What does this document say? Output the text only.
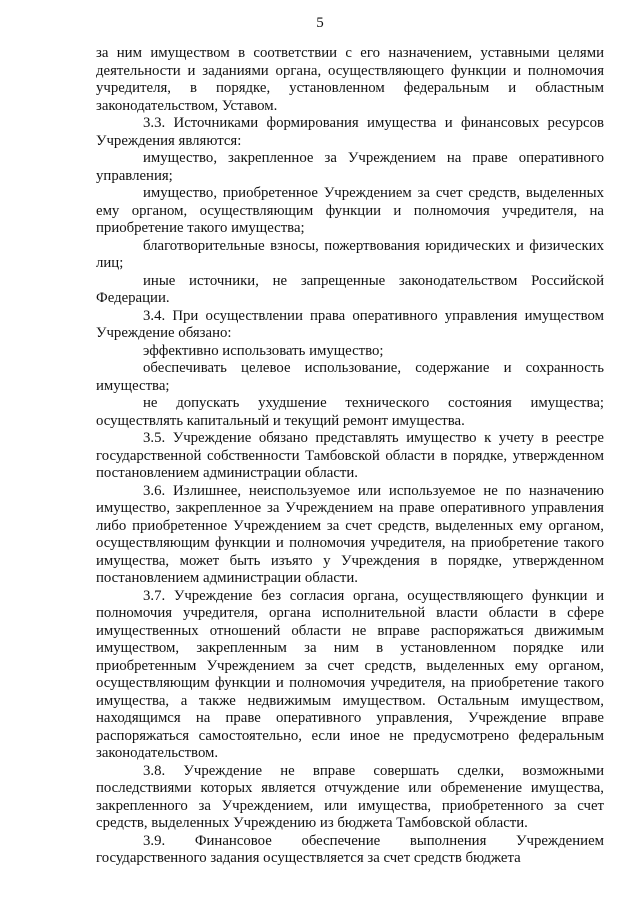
5

за ним имуществом в соответствии с его назначением, уставными целями деятельности и заданиями органа, осуществляющего функции и полномочия учредителя, в порядке, установленном федеральным и областным законодательством, Уставом.

3.3. Источниками формирования имущества и финансовых ресурсов Учреждения являются:

имущество, закрепленное за Учреждением на праве оперативного управления;

имущество, приобретенное Учреждением за счет средств, выделенных ему органом, осуществляющим функции и полномочия учредителя, на приобретение такого имущества;

благотворительные взносы, пожертвования юридических и физических лиц;

иные источники, не запрещенные законодательством Российской Федерации.

3.4. При осуществлении права оперативного управления имуществом Учреждение обязано:

эффективно использовать имущество;

обеспечивать целевое использование, содержание и сохранность имущества;

не допускать ухудшение технического состояния имущества; осуществлять капитальный и текущий ремонт имущества.

3.5. Учреждение обязано представлять имущество к учету в реестре государственной собственности Тамбовской области в порядке, утвержденном постановлением администрации области.

3.6. Излишнее, неиспользуемое или используемое не по назначению имущество, закрепленное за Учреждением на праве оперативного управления либо приобретенное Учреждением за счет средств, выделенных ему органом, осуществляющим функции и полномочия учредителя, на приобретение такого имущества, может быть изъято у Учреждения в порядке, утвержденном постановлением администрации области.

3.7. Учреждение без согласия органа, осуществляющего функции и полномочия учредителя, органа исполнительной власти области в сфере имущественных отношений области не вправе распоряжаться движимым имуществом, закрепленным за ним в установленном порядке или приобретенным Учреждением за счет средств, выделенных ему органом, осуществляющим функции и полномочия учредителя, на приобретение такого имущества, а также недвижимым имуществом. Остальным имуществом, находящимся на праве оперативного управления, Учреждение вправе распоряжаться самостоятельно, если иное не предусмотрено федеральным законодательством.

3.8. Учреждение не вправе совершать сделки, возможными последствиями которых является отчуждение или обременение имущества, закрепленного за Учреждением, или имущества, приобретенного за счет средств, выделенных Учреждению из бюджета Тамбовской области.

3.9. Финансовое обеспечение выполнения Учреждением государственного задания осуществляется за счет средств бюджета
